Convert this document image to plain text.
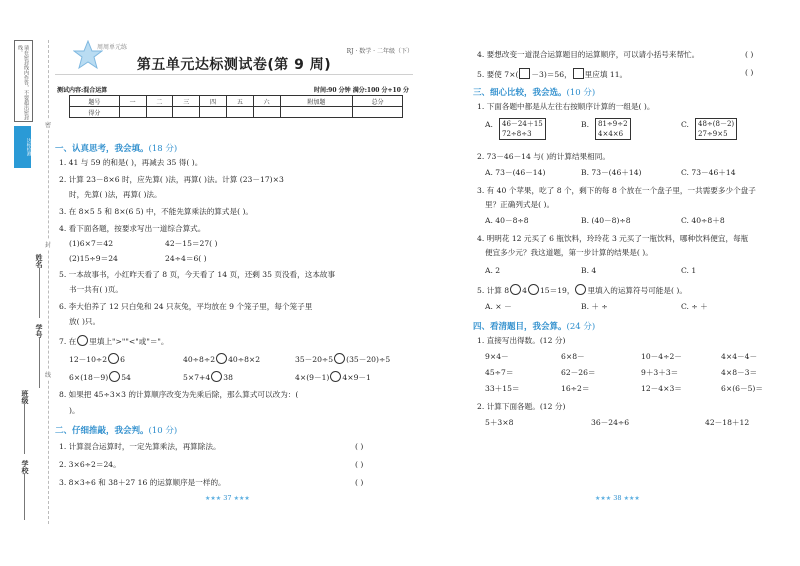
请在密封线内作答，不要超出密封线。
达标检测
密
封
线
姓名
学号
班级
学校
周周单元练
RJ · 数学 · 二年级（下）
第五单元达标测试卷(第 9 周)
测试内容:混合运算	时间:90 分钟 满分:100 分+10 分
题号	一	二	三	四	五	六	附加题	总分
得分								
一、认真思考，我会填。(18 分)
1. 41 与 59 的和是( )，再减去 35 得( )。
2. 计算 23－8×6 时，应先算( )法，再算( )法。计算 (23－17)×3
时，先算( )法，再算( )法。
3. 在 8×5 5 和 8×(6 5) 中，不能先算乘法的算式是( )。
4. 看下面各题，按要求写出一道综合算式。
(1)6×7＝42	42－15＝27( )
(2)15÷9＝24	24÷4＝6( )
5. 一本故事书，小红昨天看了 8 页，今天看了 14 页，还剩 35 页没看，这本故事
书一共有( )页。
6. 李大伯养了 12 只白兔和 24 只灰兔，平均放在 9 个笼子里，每个笼子里
放( )只。
7. 在 里填上">""<"或"＝"。
12－10÷2 6	40÷8÷2 40÷8×2	35－20÷5 (35－20)÷5
6×(18－9) 54	5×7+4 38	4×(9－1) 4×9－1
8. 如果把 45÷3×3 的计算顺序改变为先乘后除，那么算式可以改为：(
)。
二、仔细推敲，我会判。(10 分)
1. 计算混合运算时，一定先算乘法，再算除法。	( )
2. 3×6÷2＝24。	( )
3. 8×3÷6 和 38＋27 16 的运算顺序是一样的。	( )
★★★ 37 ★★★
4. 要想改变一道混合运算题目的运算顺序，可以请小括号来帮忙。	( )
5. 要使 7×( －3)＝56， 里应填 11。	( )
三、细心比较，我会选。(10 分)
1. 下面各题中都是从左往右按顺序计算的一组是( )。
A. 46－24＋15
72÷8÷3
B. 81÷9÷2
4×4×6
C. 48÷(8－2)
27÷9×5
2. 73－46－14 与( )的计算结果相同。
A. 73－(46－14)	B. 73－(46＋14)	C. 73－46＋14
3. 有 40 个苹果，吃了 8 个，剩下的每 8 个放在一个盘子里，一共需要多少个盘子
里？正确列式是( )。
A. 40－8÷8	B. (40－8)÷8	C. 40÷8＋8
4. 明明花 12 元买了 6 瓶饮料，玲玲花 3 元买了一瓶饮料，哪种饮料便宜，每瓶
便宜多少元？我这道题，第一步计算的结果是( )。
A. 2	B. 4	C. 1
5. 计算 8 4 15＝19， 里填入的运算符号可能是( )。
A. × －	B. ＋ ÷	C. ÷ ＋
四、看清题目，我会算。(24 分)
1. 直接写出得数。(12 分)
9×4－	6×8－	10－4÷2－	4×4－4－
45÷7＝	62－26＝	9＋3＋3＝	4×8－3＝
33＋15＝	16÷2＝	12－4×3＝	6×(6－5)＝
2. 计算下面各题。(12 分)
5＋3×8	36－24÷6	42－18＋12
★★★ 38 ★★★
